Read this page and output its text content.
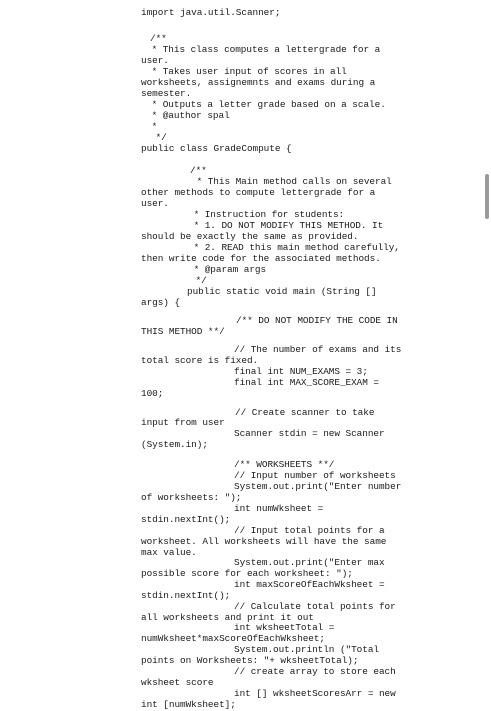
import java.util.Scanner;
/**
* This class computes a lettergrade for a
user.
* Takes user input of scores in all
worksheets, assignemnts and exams during a
semester.
* Outputs a letter grade based on a scale.
* @author spal
*
*/
public class GradeCompute {
/**
* This Main method calls on several
other methods to compute lettergrade for a
user.
* Instruction for students:
* 1. DO NOT MODIFY THIS METHOD. It
should be exactly the same as provided.
* 2. READ this main method carefully,
then write code for the associated methods.
* @param args
*/
public static void main (String []
args) {
/** DO NOT MODIFY THE CODE IN
THIS METHOD **/
// The number of exams and its
total score is fixed.
final int NUM_EXAMS = 3;
final int MAX_SCORE_EXAM =
100;
// Create scanner to take
input from user
Scanner stdin = new Scanner
(System.in);
/** WORKSHEETS **/
// Input number of worksheets
System.out.print("Enter number
of worksheets: ");
int numWksheet =
stdin.nextInt();
// Input total points for a
worksheet. All worksheets will have the same
max value.
System.out.print("Enter max
possible score for each worksheet: ");
int maxScoreOfEachWksheet =
stdin.nextInt();
// Calculate total points for
all worksheets and print it out
int wksheetTotal =
numWksheet*maxScoreOfEachWksheet;
System.out.println ("Total
points on Worksheets: "+ wksheetTotal);
// create array to store each
wksheet score
int [] wksheetScoresArr = new
int [numWksheet];
